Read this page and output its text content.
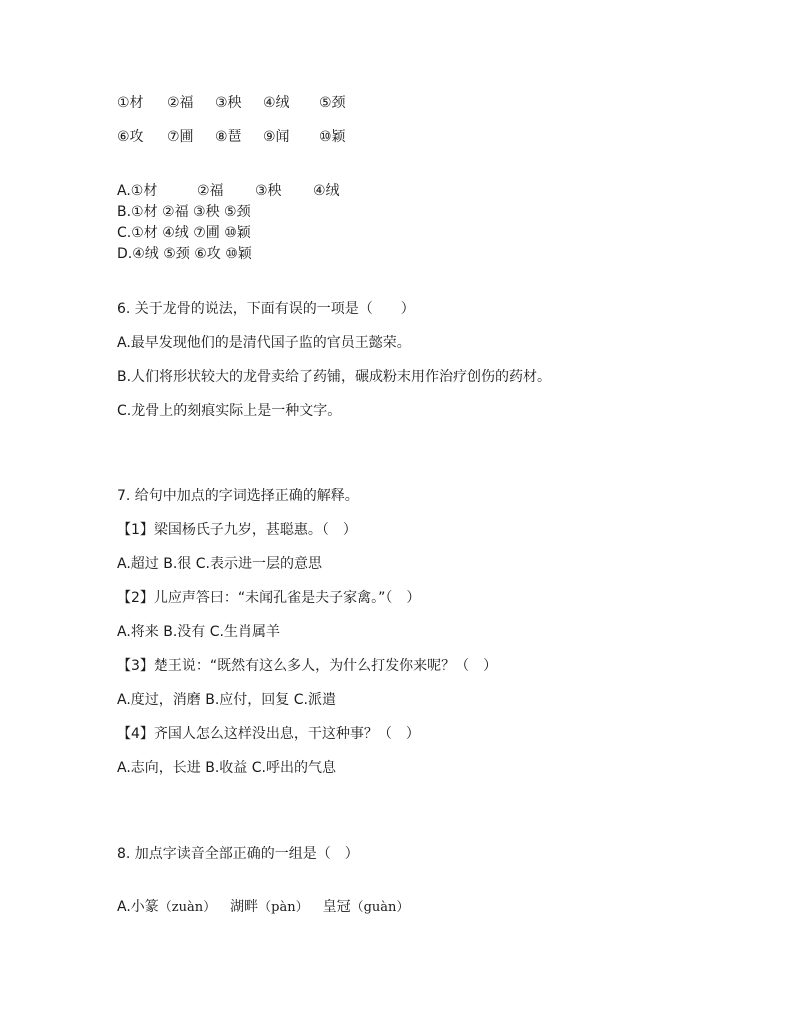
①材 ②福 ③秧 ④绒 ⑤颈
⑥攻 ⑦圃 ⑧琶 ⑨闻 ⑩颖
A.①材	②福 ③秧 ④绒
B.①材 ②福 ③秧 ⑤颈
C.①材 ④绒 ⑦圃 ⑩颖
D.④绒 ⑤颈 ⑥攻 ⑩颖
6. 关于龙骨的说法，下面有误的一项是（　　）
A.最早发现他们的是清代国子监的官员王懿荣。
B.人们将形状较大的龙骨卖给了药铺，碾成粉末用作治疗创伤的药材。
C.龙骨上的刻痕实际上是一种文字。
7. 给句中加点的字词选择正确的解释。
【1】梁国杨氏子九岁，甚聪惠。（　）
A.超过 B.很 C.表示进一层的意思
【2】儿应声答曰：“未闻孔雀是夫子家禽。”（　）
A.将来 B.没有 C.生肖属羊
【3】楚王说：“既然有这么多人，为什么打发你来呢？（　）
A.度过，消磨 B.应付，回复 C.派遣
【4】齐国人怎么这样没出息，干这种事？（　）
A.志向，长进 B.收益 C.呼出的气息
8. 加点字读音全部正确的一组是（　）
A.小篆（zuàn） 湖畔（pàn） 皇冠（guàn）
